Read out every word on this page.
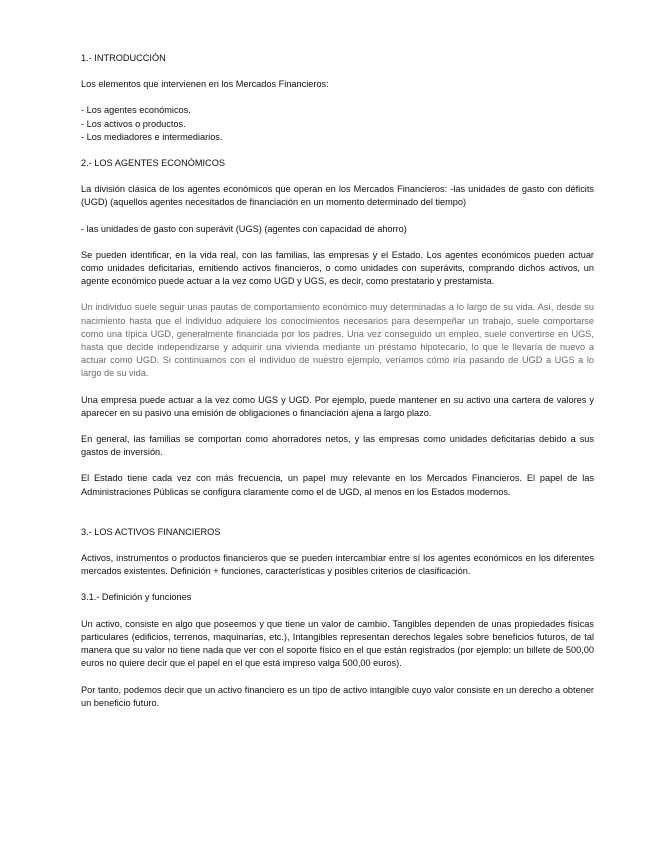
1.- INTRODUCCIÓN

Los elementos que intervienen en los Mercados Financieros:

- Los agentes económicos.
- Los activos o productos.
- Los mediadores e intermediarios.
2.- LOS AGENTES ECONÓMICOS

La división clásica de los agentes económicos que operan en los Mercados Financieros: -las unidades de gasto con déficits (UGD) (aquellos agentes necesitados de financiación en un momento determinado del tiempo)

- las unidades de gasto con superávit (UGS) (agentes con capacidad de ahorro)

Se pueden identificar, en la vida real, con las familias, las empresas y el Estado. Los agentes económicos pueden actuar como unidades deficitarias, emitiendo activos financieros, o como unidades con superávits, comprando dichos activos, un agente económico puede actuar a la vez como UGD y UGS, es decir, como prestatario y prestamista.

Un individuo suele seguir unas pautas de comportamiento económico muy determinadas a lo largo de su vida. Así, desde su nacimiento hasta que el individuo adquiere los conocimientos necesarios para desempeñar un trabajo, suele comportarse como una típica UGD, generalmente financiada por los padres. Una vez conseguido un empleo, suele convertirse en UGS, hasta que decide independizarse y adquirir una vivienda mediante un préstamo hipotecario, lo que le llevaría de nuevo a actuar como UGD. Si continuamos con el individuo de nuestro ejemplo, veríamos cómo iría pasando de UGD a UGS a lo largo de su vida.

Una empresa puede actuar a la vez como UGS y UGD. Por ejemplo, puede mantener en su activo una cartera de valores y aparecer en su pasivo una emisión de obligaciones o financiación ajena a largo plazo.

En general, las familias se comportan como ahorradores netos, y las empresas como unidades deficitarias debido a sus gastos de inversión.

El Estado tiene cada vez con más frecuencia, un papel muy relevante en los Mercados Financieros. El papel de las Administraciones Públicas se configura claramente como el de UGD, al menos en los Estados modernos.

3.- LOS ACTIVOS FINANCIEROS

Activos, instrumentos o productos financieros que se pueden intercambiar entre sí los agentes económicos en los diferentes mercados existentes. Definición + funciones, características y posibles criterios de clasificación.

3.1.- Definición y funciones

Un activo, consiste en algo que poseemos y que tiene un valor de cambio. Tangibles dependen de unas propiedades físicas particulares (edificios, terrenos, maquinarias, etc.), Intangibles representan derechos legales sobre beneficios futuros, de tal manera que su valor no tiene nada que ver con el soporte físico en el que están registrados (por ejemplo: un billete de 500,00 euros no quiere decir que el papel en el que está impreso valga 500,00 euros).

Por tanto, podemos decir que un activo financiero es un tipo de activo intangible cuyo valor consiste en un derecho a obtener un beneficio futuro.
